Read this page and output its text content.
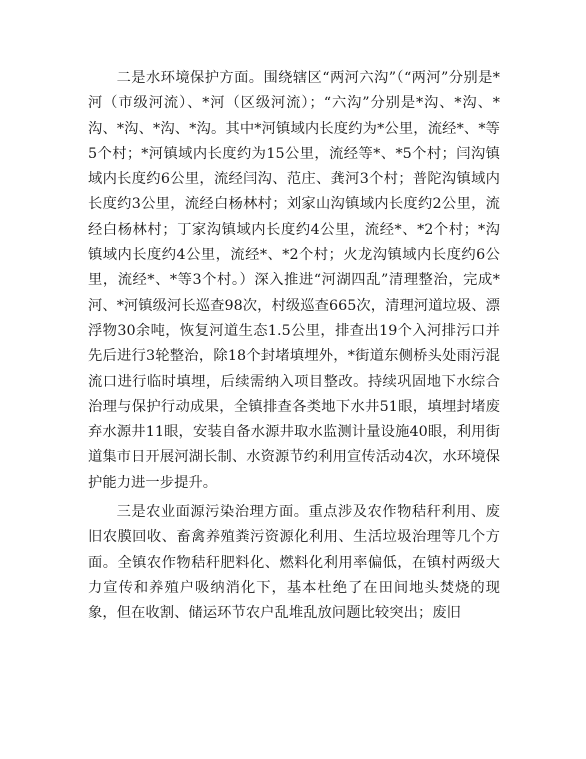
二是水环境保护方面。围绕辖区“两河六沟”（“两河”分别是*河（市级河流）、*河（区级河流）；“六沟”分别是*沟、*沟、*沟、*沟、*沟、*沟。其中*河镇域内长度约为*公里，流经*、*等5个村；*河镇域内长度约为15公里，流经等*、*5个村；闫沟镇域内长度约6公里，流经闫沟、范庄、龚河3个村；普陀沟镇域内长度约3公里，流经白杨林村；刘家山沟镇域内长度约2公里，流经白杨林村；丁家沟镇域内长度约4公里，流经*、*2个村；*沟镇域内长度约4公里，流经*、*2个村；火龙沟镇域内长度约6公里，流经*、*等3个村。）深入推进“河湖四乱”清理整治，完成*河、*河镇级河长巡查98次，村级巡查665次，清理河道垃圾、漂浮物30余吨，恢复河道生态1.5公里，排查出19个入河排污口并先后进行3轮整治，除18个封堵填埋外，*街道东侧桥头处雨污混流口进行临时填埋，后续需纳入项目整改。持续巩固地下水综合治理与保护行动成果，全镇排查各类地下水井51眼，填埋封堵废弃水源井11眼，安装自备水源井取水监测计量设施40眼，利用街道集市日开展河湖长制、水资源节约利用宣传活动4次，水环境保护能力进一步提升。

三是农业面源污染治理方面。重点涉及农作物秸秆利用、废旧农膜回收、畜禽养殖粪污资源化利用、生活垃圾治理等几个方面。全镇农作物秸秆肥料化、燃料化利用率偏低，在镇村两级大力宣传和养殖户吸纳消化下，基本杜绝了在田间地头焚烧的现象，但在收割、储运环节农户乱堆乱放问题比较突出；废旧
